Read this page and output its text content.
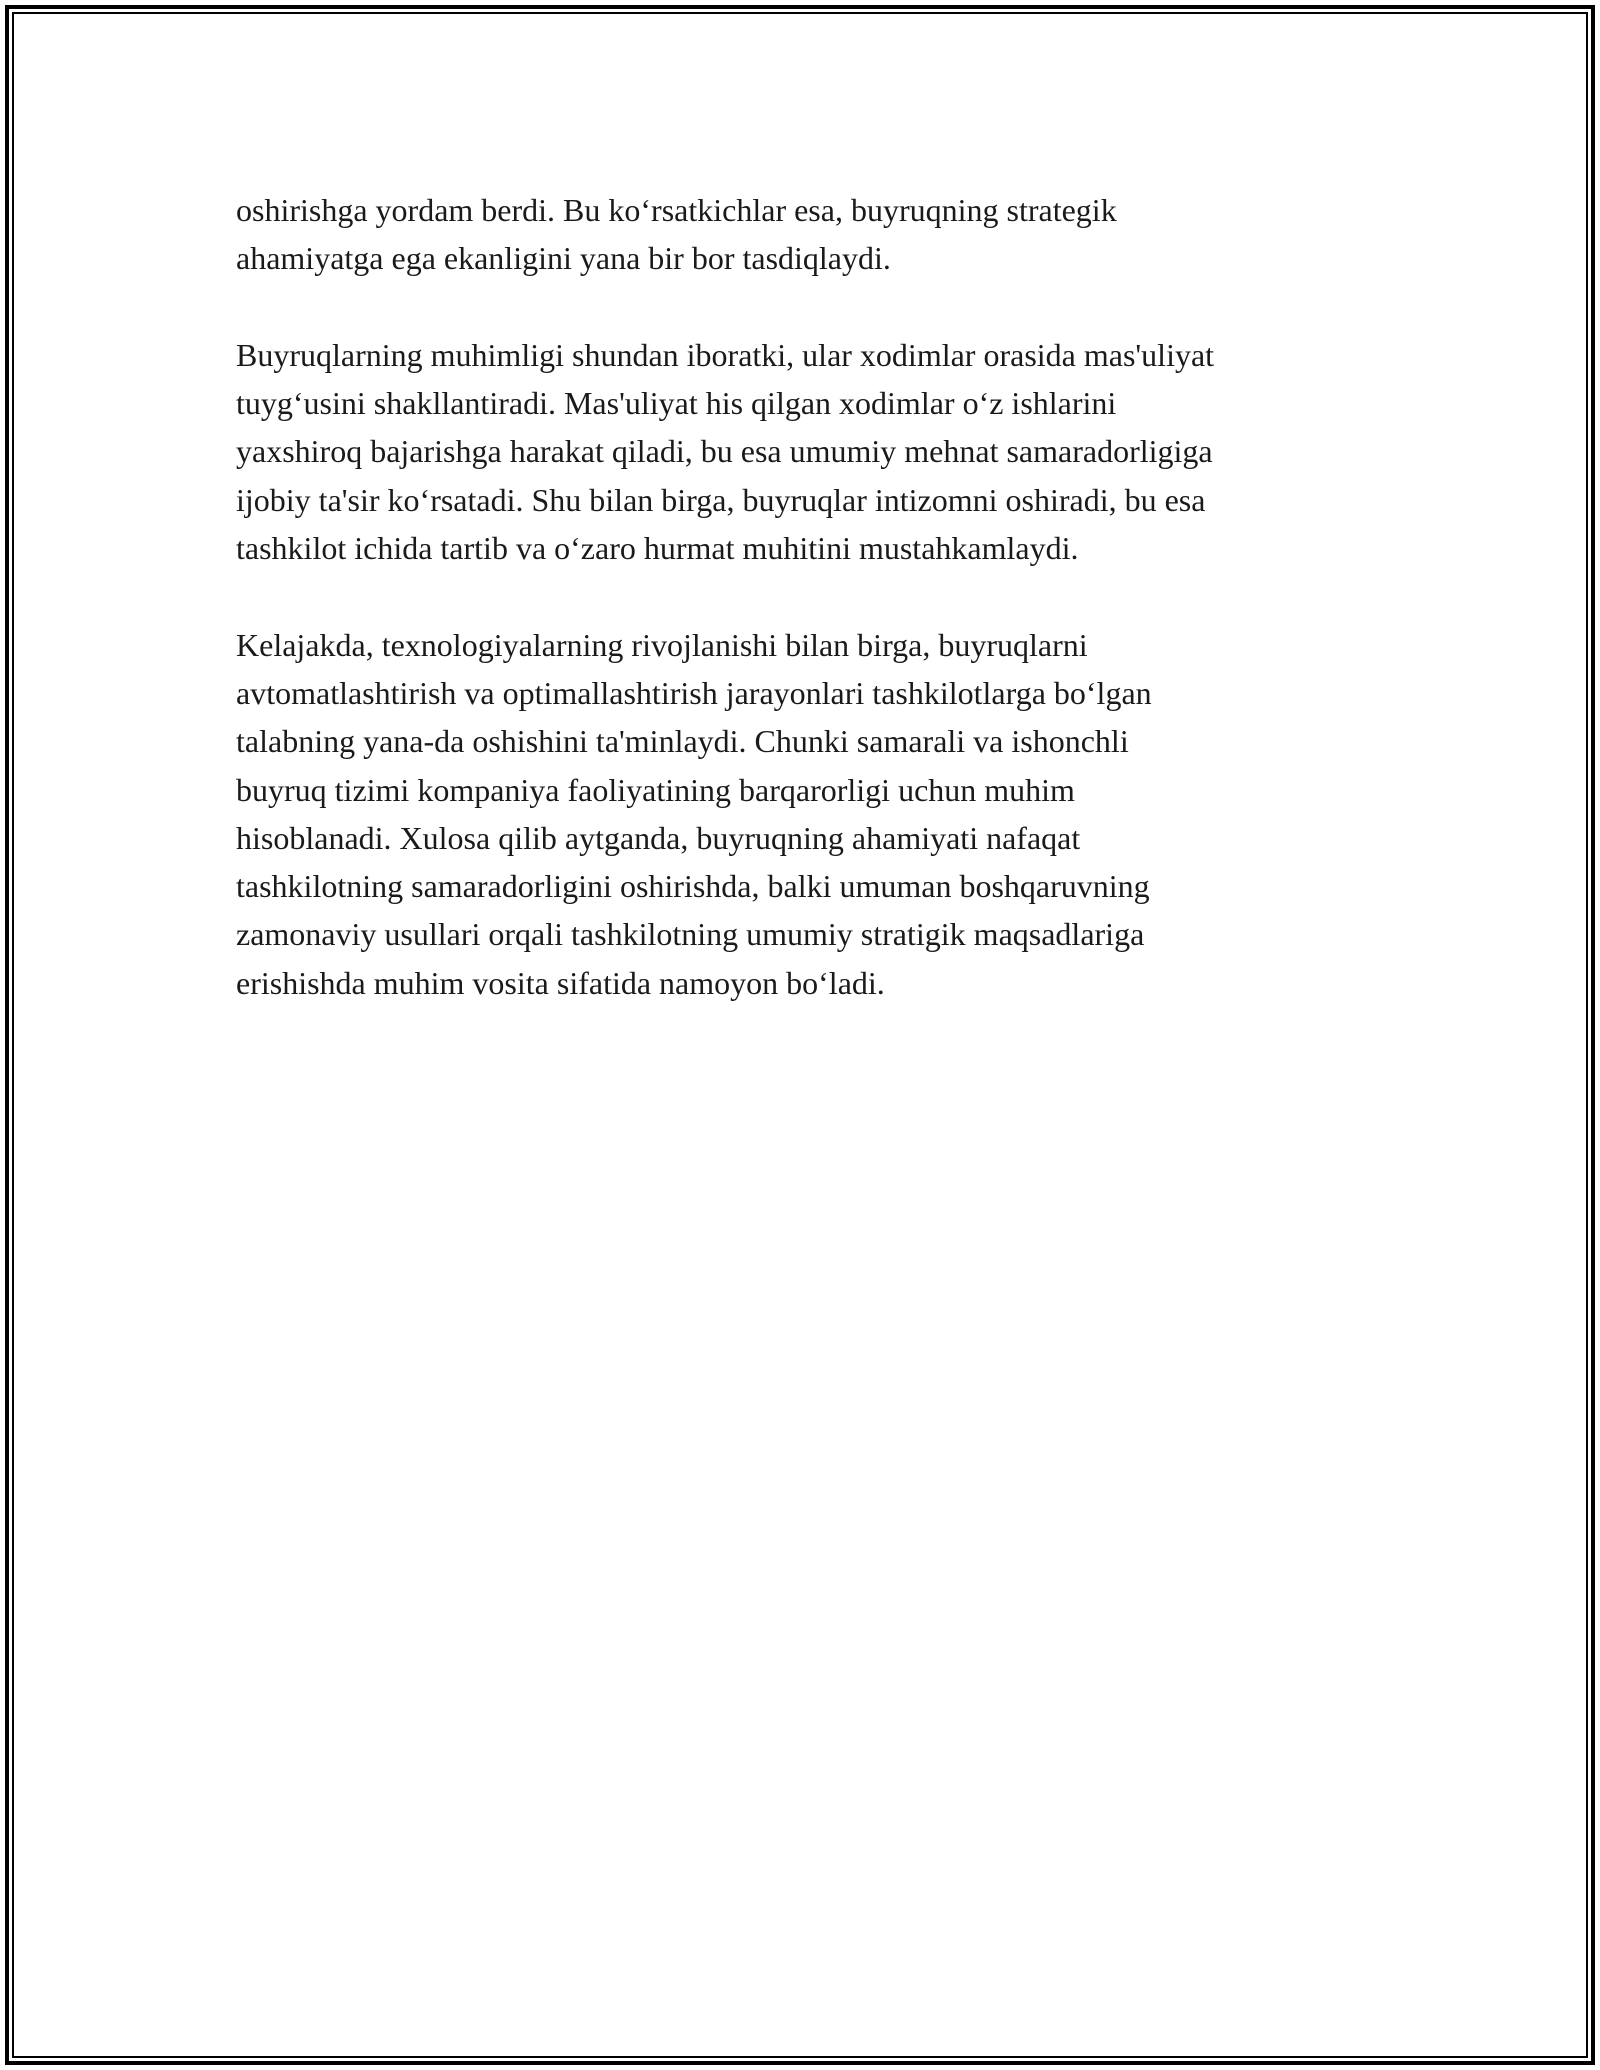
oshirishga yordam berdi. Bu ko‘rsatkichlar esa, buyruqning strategik
ahamiyatga ega ekanligini yana bir bor tasdiqlaydi.

Buyruqlarning muhimligi shundan iboratki, ular xodimlar orasida mas'uliyat
tuyg‘usini shakllantiradi. Mas'uliyat his qilgan xodimlar o‘z ishlarini
yaxshiroq bajarishga harakat qiladi, bu esa umumiy mehnat samaradorligiga
ijobiy ta'sir ko‘rsatadi. Shu bilan birga, buyruqlar intizomni oshiradi, bu esa
tashkilot ichida tartib va o‘zaro hurmat muhitini mustahkamlaydi.

Kelajakda, texnologiyalarning rivojlanishi bilan birga, buyruqlarni
avtomatlashtirish va optimallashtirish jarayonlari tashkilotlarga bo‘lgan
talabning yana-da oshishini ta'minlaydi. Chunki samarali va ishonchli
buyruq tizimi kompaniya faoliyatining barqarorligi uchun muhim
hisoblanadi. Xulosa qilib aytganda, buyruqning ahamiyati nafaqat
tashkilotning samaradorligini oshirishda, balki umuman boshqaruvning
zamonaviy usullari orqali tashkilotning umumiy stratigik maqsadlariga
erishishda muhim vosita sifatida namoyon bo‘ladi.
